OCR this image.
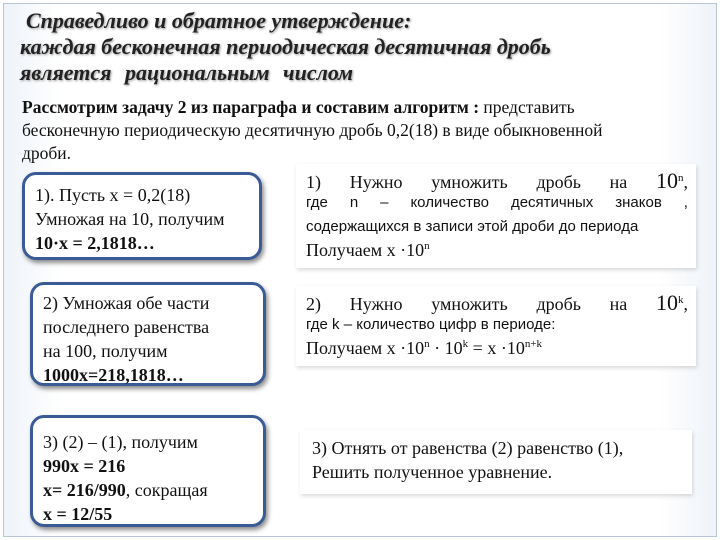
Справедливо и обратное утверждение:
каждая бесконечная периодическая десятичная дробь
является рациональным числом
Рассмотрим задачу 2 из параграфа и составим алгоритм : представить
бесконечную периодическую десятичную дробь 0,2(18) в виде обыкновенной
дроби.
1). Пусть x = 0,2(18)
Умножая на 10, получим
10·x = 2,1818…
2) Умножая обе части
последнего равенства
на 100, получим
1000x=218,1818…
3) (2) – (1), получим
990x = 216
x= 216/990, сокращая
x = 12/55
1) Нужно умножить дробь на 10$^n$,
где n – количество десятичных знаков ,
содержащихся в записи этой дроби до периода
Получаем $x \cdot 10^n$
2) Нужно умножить дробь на 10$^k$,
где k – количество цифр в периоде:
Получаем $x \cdot 10^n \cdot 10^k = x \cdot 10^{n+k}$
3) Отнять от равенства (2) равенство (1),
Решить полученное уравнение.
